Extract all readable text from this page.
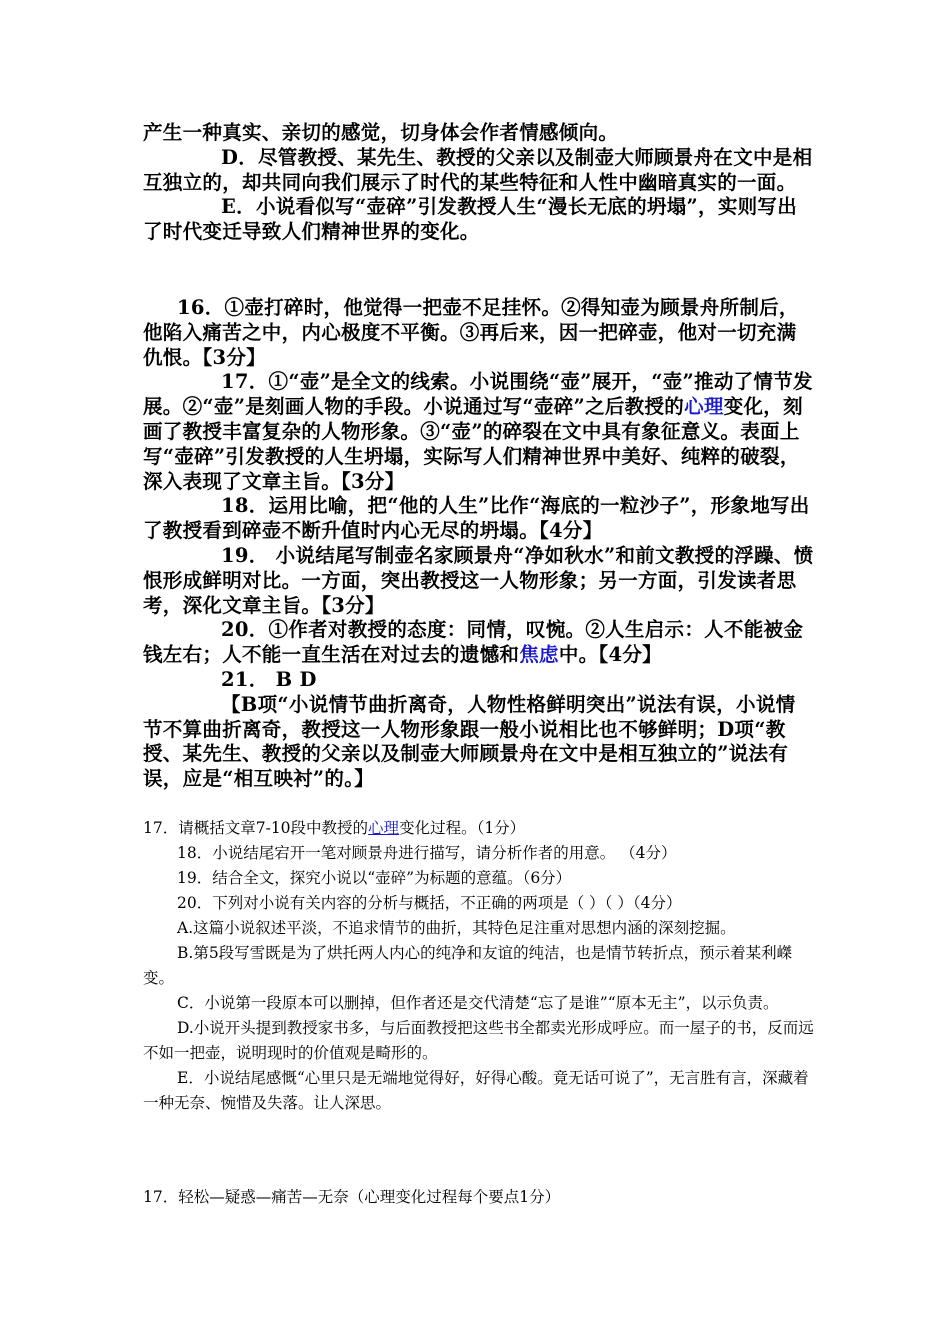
产生一种真实、亲切的感觉，切身体会作者情感倾向。

D．尽管教授、某先生、教授的父亲以及制壶大师顾景舟在文中是相互独立的，却共同向我们展示了时代的某些特征和人性中幽暗真实的一面。

E．小说看似写“壶碎”引发教授人生“漫长无底的坍塌”，实则写出了时代变迁导致人们精神世界的变化。

16．①壶打碎时，他觉得一把壶不足挂怀。②得知壶为顾景舟所制后，他陷入痛苦之中，内心极度不平衡。③再后来，因一把碎壶，他对一切充满仇恨。【3分】

17．①“壶”是全文的线索。小说围绕“壶”展开，“壶”推动了情节发展。②“壶”是刻画人物的手段。小说通过写“壶碎”之后教授的心理变化，刻画了教授丰富复杂的人物形象。③“壶”的碎裂在文中具有象征意义。表面上写“壶碎”引发教授的人生坍塌，实际写人们精神世界中美好、纯粹的破裂，深入表现了文章主旨。【3分】

18．运用比喻，把“他的人生”比作“海底的一粒沙子”，形象地写出了教授看到碎壶不断升值时内心无尽的坍塌。【4分】

19． 小说结尾写制壶名家顾景舟“净如秋水”和前文教授的浮躁、愤恨形成鲜明对比。一方面，突出教授这一人物形象；另一方面，引发读者思考，深化文章主旨。【3分】

20．①作者对教授的态度：同情，叹惋。②人生启示：人不能被金钱左右；人不能一直生活在对过去的遗憾和焦虑中。【4分】

21． B D

【B项“小说情节曲折离奇，人物性格鲜明突出”说法有误，小说情节不算曲折离奇，教授这一人物形象跟一般小说相比也不够鲜明；D项“教授、某先生、教授的父亲以及制壶大师顾景舟在文中是相互独立的”说法有误，应是“相互映衬”的。】

17．请概括文章7-10段中教授的心理变化过程。（1分）

18．小说结尾宕开一笔对顾景舟进行描写，请分析作者的用意。 （4分）

19．结合全文，探究小说以“壶碎”为标题的意蕴。（6分）

20．下列对小说有关内容的分析与概括，不正确的两项是（ ）（ ）（4分）

A.这篇小说叙述平淡，不追求情节的曲折，其特色足注重对思想内涵的深刻挖掘。

B.第5段写雪既是为了烘托两人内心的纯净和友谊的纯洁，也是情节转折点，预示着某利嵥变。

C．小说第一段原本可以删掉，但作者还是交代清楚“忘了是谁”“原本无主”，以示负责。

D.小说开头提到教授家书多，与后面教授把这些书全都卖光形成呼应。而一屋子的书，反而远不如一把壶，说明现时的价值观是畸形的。

E．小说结尾感慨“心里只是无端地觉得好，好得心酸。竟无话可说了”，无言胜有言，深藏着一种无奈、惋惜及失落。让人深思。

17．轻松—疑惑—痛苦—无奈（心理变化过程每个要点1分）
